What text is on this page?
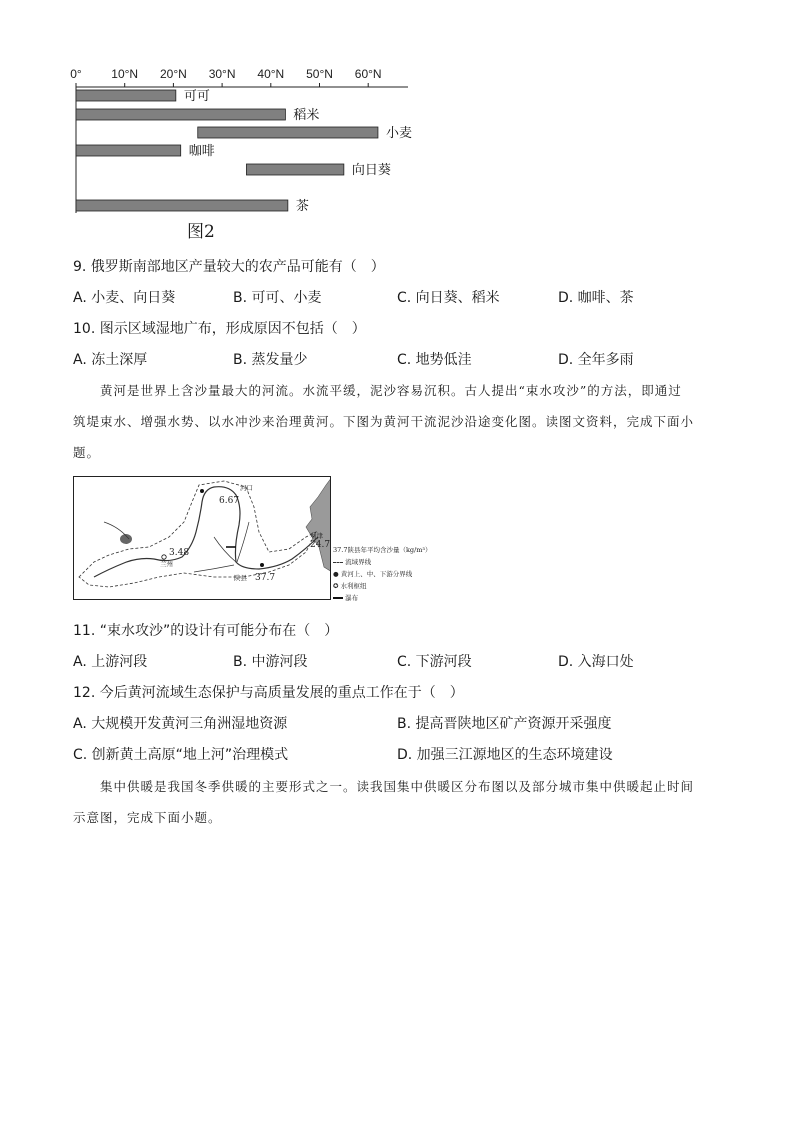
0° 10°N 20°N 30°N 40°N 50°N 60°N
可可
稻米
小麦
咖啡
向日葵
茶
图2
9. 俄罗斯南部地区产量较大的农产品可能有（　）
A. 小麦、向日葵	B. 可可、小麦	C. 向日葵、稻米	D. 咖啡、茶
10. 图示区域湿地广布，形成原因不包括（　）
A. 冻土深厚	B. 蒸发量少	C. 地势低洼	D. 全年多雨
黄河是世界上含沙量最大的河流。水流平缓，泥沙容易沉积。古人提出“束水攻沙”的方法，即通过
筑堤束水、增强水势、以水冲沙来治理黄河。下图为黄河干流泥沙沿途变化图。读图文资料，完成下面小
题。
6.67
河口
3.48
兰州
陕县 37.7
利津
24.7 37.7陕县年平均含沙量（kg/m³）
流域界线
● 黄河上、中、下游分界线
✪ 水利枢纽
瀑布
11. “束水攻沙”的设计有可能分布在（　）
A. 上游河段	B. 中游河段	C. 下游河段	D. 入海口处
12. 今后黄河流域生态保护与高质量发展的重点工作在于（　）
A. 大规模开发黄河三角洲湿地资源	B. 提高晋陕地区矿产资源开采强度
C. 创新黄土高原“地上河”治理模式	D. 加强三江源地区的生态环境建设
集中供暖是我国冬季供暖的主要形式之一。读我国集中供暖区分布图以及部分城市集中供暖起止时间
示意图，完成下面小题。
